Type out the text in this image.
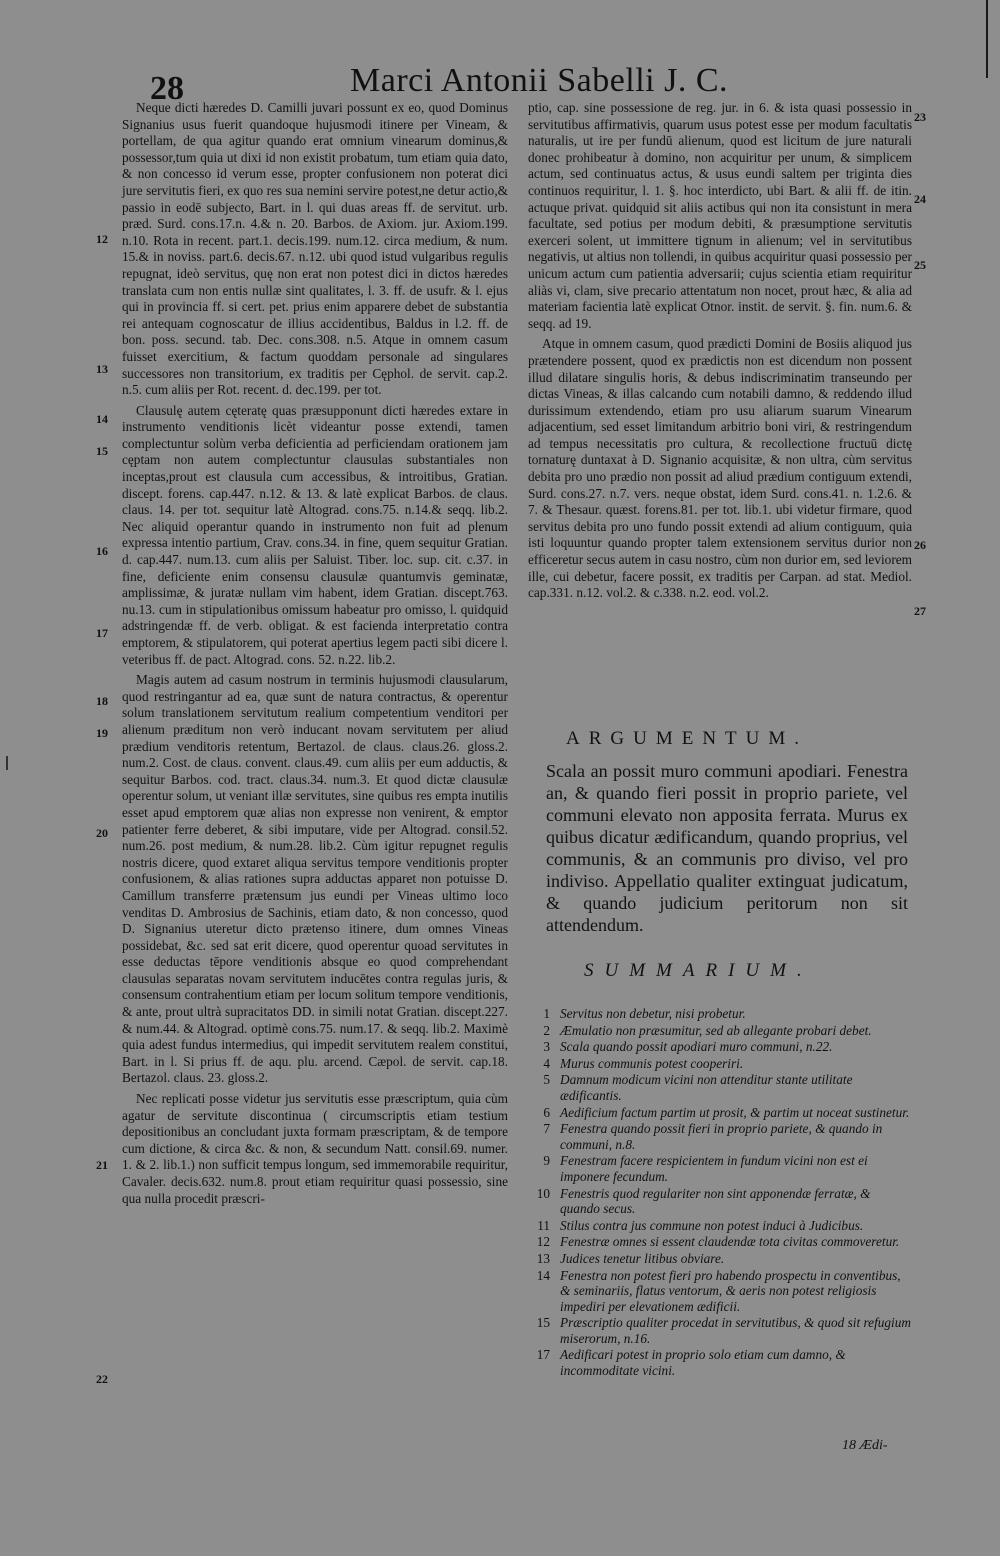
28	Marci Antonii Sabelli J. C.

Neque dicti hæredes D. Camilli juvari possunt ex eo, quod Dominus Signanius usus fuerit quandoque hujusmodi itinere per Vineam, & portellam, de qua agitur quando erat omnium vinearum dominus,& possessor,tum quia ut dixi id non existit probatum, tum etiam quia dato, & non concesso id verum esse, propter confusionem non poterat dici jure servitutis fieri, ex quo res sua nemini servire potest,ne detur actio,& passio in eodē subjecto, Bart. in l. qui duas areas ff. de servitut. urb. præd. Surd. cons.17.n. 4.& n. 20. Barbos. de Axiom. jur. Axiom.199. n.10. Rota in recent. part.1. decis.199. num.12. circa medium, & num. 15.& in noviss. part.6. decis.67. n.12. ubi quod istud vulgaribus regulis repugnat, ideò servitus, quę non erat non potest dici in dictos hæredes translata cum non entis nullæ sint qualitates, l. 3. ff. de usufr. & l. ejus qui in provincia ff. si cert. pet. prius enim apparere debet de substantia rei antequam cognoscatur de illius accidentibus, Baldus in l.2. ff. de bon. poss. secund. tab. Dec. cons.308. n.5. Atque in omnem casum fuisset exercitium, & factum quoddam personale ad singulares successores non transitorium, ex traditis per Cęphol. de servit. cap.2. n.5. cum aliis per Rot. recent. d. dec.199. per tot.

Clausulę autem cęteratę quas præsupponunt dicti hæredes extare in instrumento venditionis licèt videantur posse extendi, tamen complectuntur solùm verba deficientia ad perficiendam orationem jam cęptam non autem complectuntur clausulas substantiales non inceptas,prout est clausula cum accessibus, & introitibus, Gratian. discept. forens. cap.447. n.12. & 13. & latè explicat Barbos. de claus. claus. 14. per tot. sequitur latè Altograd. cons.75. n.14.& seqq. lib.2. Nec aliquid operantur quando in instrumento non fuit ad plenum expressa intentio partium, Crav. cons.34. in fine, quem sequitur Gratian. d. cap.447. num.13. cum aliis per Saluist. Tiber. loc. sup. cit. c.37. in fine, deficiente enim consensu clausulæ quantumvis geminatæ, amplissimæ, & juratæ nullam vim habent, idem Gratian. discept.763. nu.13. cum in stipulationibus omissum habeatur pro omisso, l. quidquid adstringendæ ff. de verb. obligat. & est facienda interpretatio contra emptorem, & stipulatorem, qui poterat apertius legem pacti sibi dicere l. veteribus ff. de pact. Altograd. cons. 52. n.22. lib.2.

Magis autem ad casum nostrum in terminis hujusmodi clausularum, quod restringantur ad ea, quæ sunt de natura contractus, & operentur solum translationem servitutum realium competentium venditori per alienum præditum non verò inducant novam servitutem per aliud prædium venditoris retentum, Bertazol. de claus. claus.26. gloss.2. num.2. Cost. de claus. convent. claus.49. cum aliis per eum adductis, & sequitur Barbos. cod. tract. claus.34. num.3. Et quod dictæ clausulæ operentur solum, ut veniant illæ servitutes, sine quibus res empta inutilis esset apud emptorem quæ alias non expresse non venirent, & emptor patienter ferre deberet, & sibi imputare, vide per Altograd. consil.52. num.26. post medium, & num.28. lib.2. Cùm igitur repugnet regulis nostris dicere, quod extaret aliqua servitus tempore venditionis propter confusionem, & alias rationes supra adductas apparet non potuisse D. Camillum transferre prætensum jus eundi per Vineas ultimo loco venditas D. Ambrosius de Sachinis, etiam dato, & non concesso, quod D. Signanius uteretur dicto prætenso itinere, dum omnes Vineas possidebat, &c. sed sat erit dicere, quod operentur quoad servitutes in esse deductas tēpore venditionis absque eo quod comprehendant clausulas separatas novam servitutem inducētes contra regulas juris, & consensum contrahentium etiam per locum solitum tempore venditionis, & ante, prout ultrà supracitatos DD. in simili notat Gratian. discept.227. & num.44. & Altograd. optimè cons.75. num.17. & seqq. lib.2. Maximè quia adest fundus intermedius, qui impedit servitutem realem constitui, Bart. in l. Si prius ff. de aqu. plu. arcend. Cæpol. de servit. cap.18. Bertazol. claus. 23. gloss.2.

Nec replicati posse videtur jus servitutis esse præscriptum, quia cùm agatur de servitute discontinua ( circumscriptis etiam testium depositionibus an concludant juxta formam præscriptam, & de tempore cum dictione, & circa &c. & non, & secundum Natt. consil.69. numer. 1. & 2. lib.1.) non sufficit tempus longum, sed immemorabile requiritur, Cavaler. decis.632. num.8. prout etiam requiritur quasi possessio, sine qua nulla procedit præscri-

12
13
14
15
16
17
18
19
20
21
22

ptio, cap. sine possessione de reg. jur. in 6. & ista quasi possessio in servitutibus affirmativis, quarum usus potest esse per modum facultatis naturalis, ut ire per fundū alienum, quod est licitum de jure naturali donec prohibeatur à domino, non acquiritur per unum, & simplicem actum, sed continuatus actus, & usus eundi saltem per triginta dies continuos requiritur, l. 1. §. hoc interdicto, ubi Bart. & alii ff. de itin. actuque privat. quidquid sit aliis actibus qui non ita consistunt in mera facultate, sed potius per modum debiti, & præsumptione servitutis exerceri solent, ut immittere tignum in alienum; vel in servitutibus negativis, ut altius non tollendi, in quibus acquiritur quasi possessio per unicum actum cum patientia adversarii; cujus scientia etiam requiritur aliàs vi, clam, sive precario attentatum non nocet, prout hæc, & alia ad materiam facientia latè explicat Otnor. instit. de servit. §. fin. num.6. & seqq. ad 19.

Atque in omnem casum, quod prædicti Domini de Bosiis aliquod jus prætendere possent, quod ex prædictis non est dicendum non possent illud dilatare singulis horis, & debus indiscriminatim transeundo per dictas Vineas, & illas calcando cum notabili damno, & reddendo illud durissimum extendendo, etiam pro usu aliarum suarum Vinearum adjacentium, sed esset limitandum arbitrio boni viri, & restringendum ad tempus necessitatis pro cultura, & recollectione fructuū dictę tornaturę duntaxat à D. Signanio acquisitæ, & non ultra, cùm servitus debita pro uno prædio non possit ad aliud prædium contiguum extendi, Surd. cons.27. n.7. vers. neque obstat, idem Surd. cons.41. n. 1.2.6. & 7. & Thesaur. quæst. forens.81. per tot. lib.1. ubi videtur firmare, quod servitus debita pro uno fundo possit extendi ad alium contiguum, quia isti loquuntur quando propter talem extensionem servitus durior non efficeretur secus autem in casu nostro, cùm non durior em, sed leviorem ille, cui debetur, facere possit, ex traditis per Carpan. ad stat. Mediol. cap.331. n.12. vol.2. & c.338. n.2. eod. vol.2.

23
24
25
26
27
ARGUMENTUM.
Scala an possit muro communi apodiari. Fenestra an, & quando fieri possit in proprio pariete, vel communi elevato non apposita ferrata. Murus ex quibus dicatur ædificandum, quando proprius, vel communis, & an communis pro diviso, vel pro indiviso. Appellatio qualiter extinguat judicatum, & quando judicium peritorum non sit attendendum.
SUMMARIUM.
1 Servitus non debetur, nisi probetur.
2 Æmulatio non præsumitur, sed ab allegante probari debet.
3 Scala quando possit apodiari muro communi, n.22.
4 Murus communis potest cooperiri.
5 Damnum modicum vicini non attenditur stante utilitate ædificantis.
6 Aedificium factum partim ut prosit, & partim ut noceat sustinetur.
7 Fenestra quando possit fieri in proprio pariete, & quando in communi, n.8.
9 Fenestram facere respicientem in fundum vicini non est ei imponere fecundum.
10 Fenestris quod regulariter non sint apponendæ ferratæ, & quando secus.
11 Stilus contra jus commune non potest induci à Judicibus.
12 Fenestræ omnes si essent claudendæ tota civitas commoveretur.
13 Judices tenetur litibus obviare.
14 Fenestra non potest fieri pro habendo prospectu in conventibus, & seminariis, flatus ventorum, & aeris non potest religiosis impediri per elevationem ædificii.
15 Præscriptio qualiter procedat in servitutibus, & quod sit refugium miserorum, n.16.
17 Aedificari potest in proprio solo etiam cum damno, & incommoditate vicini.
18 Ædi-
